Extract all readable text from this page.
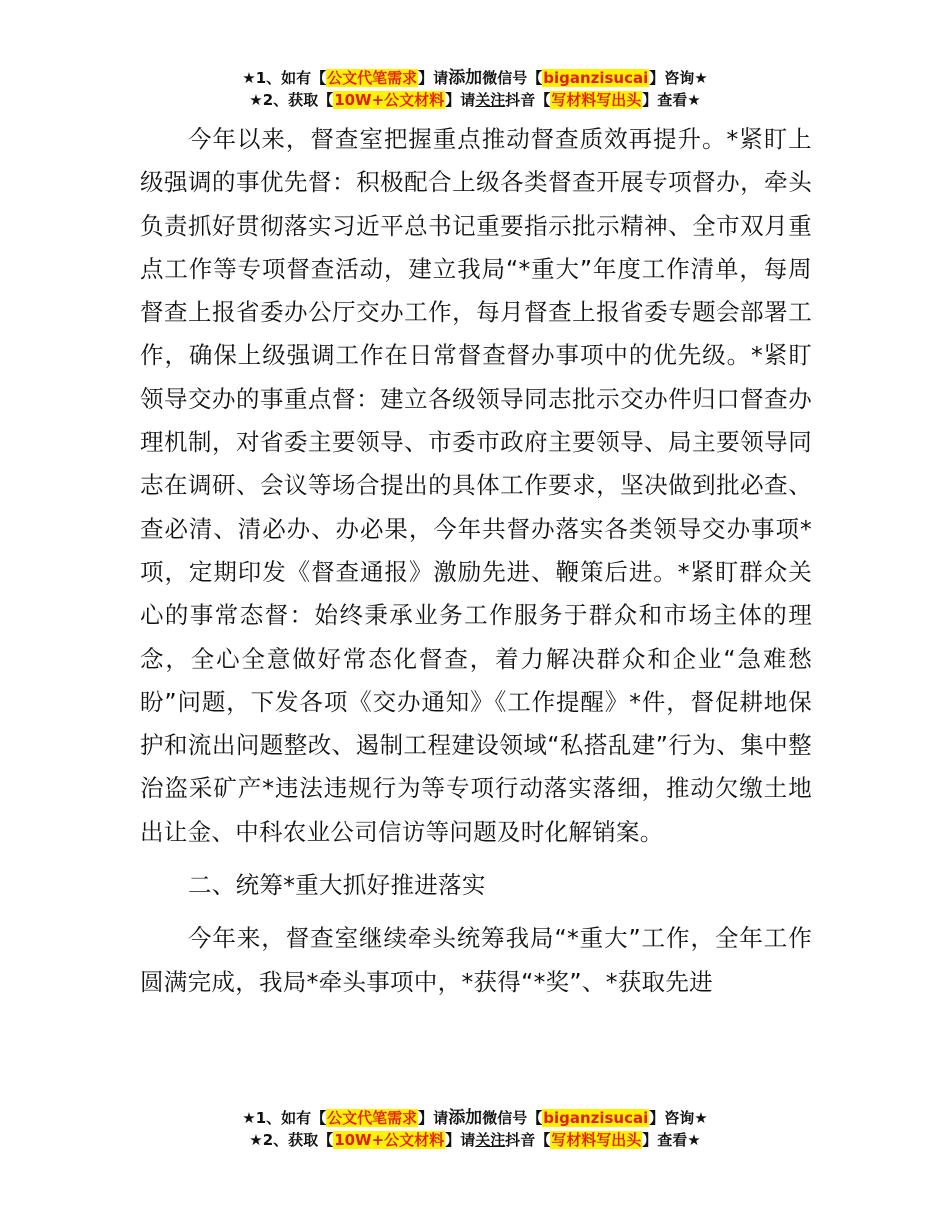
★1、如有【公文代笔需求】请添加微信号【biganzisucai】咨询★
★2、获取【10W+公文材料】请关注抖音【写材料写出头】查看★

今年以来，督查室把握重点推动督查质效再提升。*紧盯上级强调的事优先督：积极配合上级各类督查开展专项督办，牵头负责抓好贯彻落实习近平总书记重要指示批示精神、全市双月重点工作等专项督查活动，建立我局“*重大”年度工作清单，每周督查上报省委办公厅交办工作，每月督查上报省委专题会部署工作，确保上级强调工作在日常督查督办事项中的优先级。*紧盯领导交办的事重点督：建立各级领导同志批示交办件归口督查办理机制，对省委主要领导、市委市政府主要领导、局主要领导同志在调研、会议等场合提出的具体工作要求，坚决做到批必查、查必清、清必办、办必果，今年共督办落实各类领导交办事项*项，定期印发《督查通报》激励先进、鞭策后进。*紧盯群众关心的事常态督：始终秉承业务工作服务于群众和市场主体的理念，全心全意做好常态化督查，着力解决群众和企业“急难愁盼”问题，下发各项《交办通知》《工作提醒》*件，督促耕地保护和流出问题整改、遏制工程建设领域“私搭乱建”行为、集中整治盗采矿产*违法违规行为等专项行动落实落细，推动欠缴土地出让金、中科农业公司信访等问题及时化解销案。

二、统筹*重大抓好推进落实

今年来，督查室继续牵头统筹我局“*重大”工作，全年工作圆满完成，我局*牵头事项中，*获得“*奖”、*获取先进

★1、如有【公文代笔需求】请添加微信号【biganzisucai】咨询★
★2、获取【10W+公文材料】请关注抖音【写材料写出头】查看★
